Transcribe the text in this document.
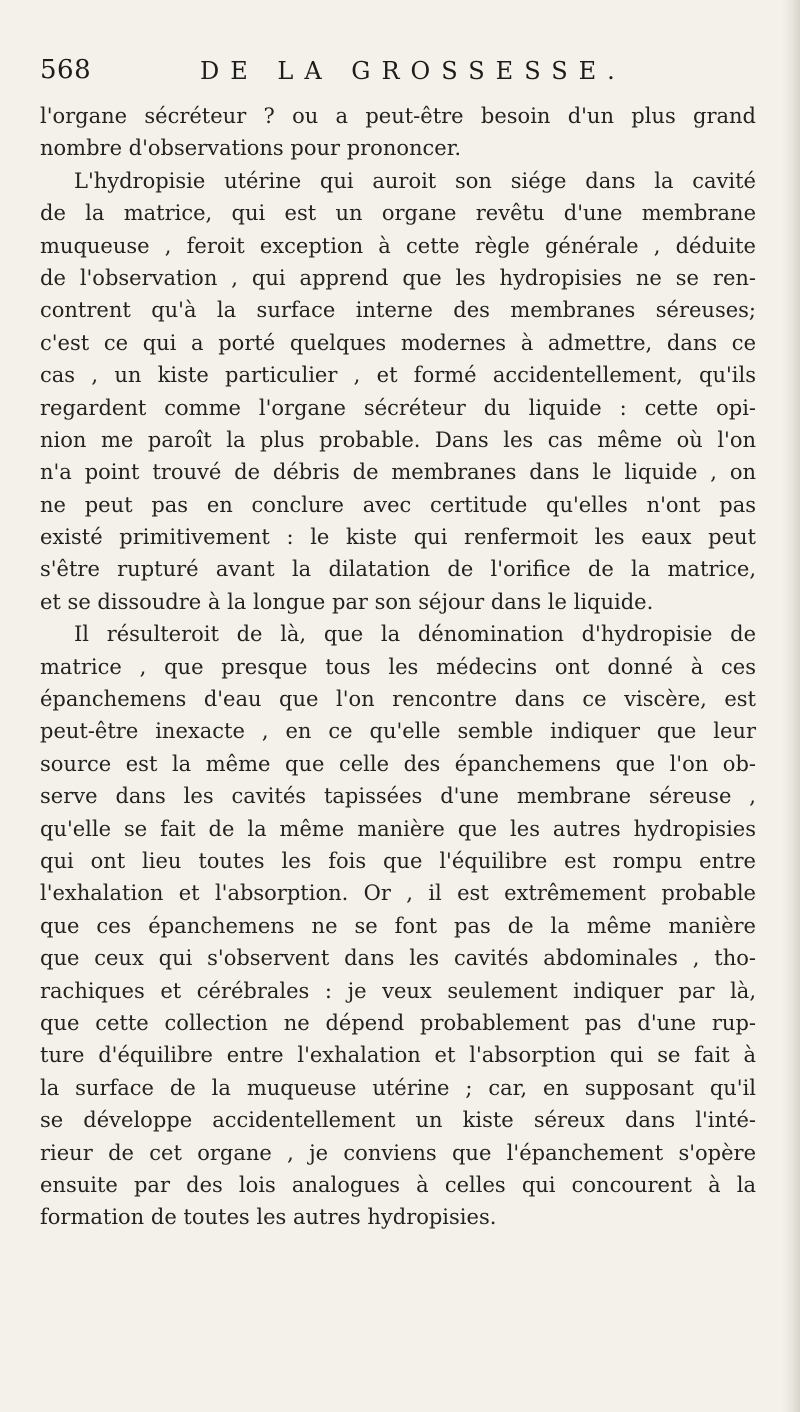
568	DE LA GROSSESSE.
l'organe sécréteur ? ou a peut-être besoin d'un plus grand
nombre d'observations pour prononcer.
L'hydropisie utérine qui auroit son siége dans la cavité
de la matrice, qui est un organe revêtu d'une membrane
muqueuse , feroit exception à cette règle générale , déduite
de l'observation , qui apprend que les hydropisies ne se ren-
contrent qu'à la surface interne des membranes séreuses;
c'est ce qui a porté quelques modernes à admettre, dans ce
cas , un kiste particulier , et formé accidentellement, qu'ils
regardent comme l'organe sécréteur du liquide : cette opi-
nion me paroît la plus probable. Dans les cas même où l'on
n'a point trouvé de débris de membranes dans le liquide , on
ne peut pas en conclure avec certitude qu'elles n'ont pas
existé primitivement : le kiste qui renfermoit les eaux peut
s'être rupturé avant la dilatation de l'orifice de la matrice,
et se dissoudre à la longue par son séjour dans le liquide.
Il résulteroit de là, que la dénomination d'hydropisie de
matrice , que presque tous les médecins ont donné à ces
épanchemens d'eau que l'on rencontre dans ce viscère, est
peut-être inexacte , en ce qu'elle semble indiquer que leur
source est la même que celle des épanchemens que l'on ob-
serve dans les cavités tapissées d'une membrane séreuse ,
qu'elle se fait de la même manière que les autres hydropisies
qui ont lieu toutes les fois que l'équilibre est rompu entre
l'exhalation et l'absorption. Or , il est extrêmement probable
que ces épanchemens ne se font pas de la même manière
que ceux qui s'observent dans les cavités abdominales , tho-
rachiques et cérébrales : je veux seulement indiquer par là,
que cette collection ne dépend probablement pas d'une rup-
ture d'équilibre entre l'exhalation et l'absorption qui se fait à
la surface de la muqueuse utérine ; car, en supposant qu'il
se développe accidentellement un kiste séreux dans l'inté-
rieur de cet organe , je conviens que l'épanchement s'opère
ensuite par des lois analogues à celles qui concourent à la
formation de toutes les autres hydropisies.
